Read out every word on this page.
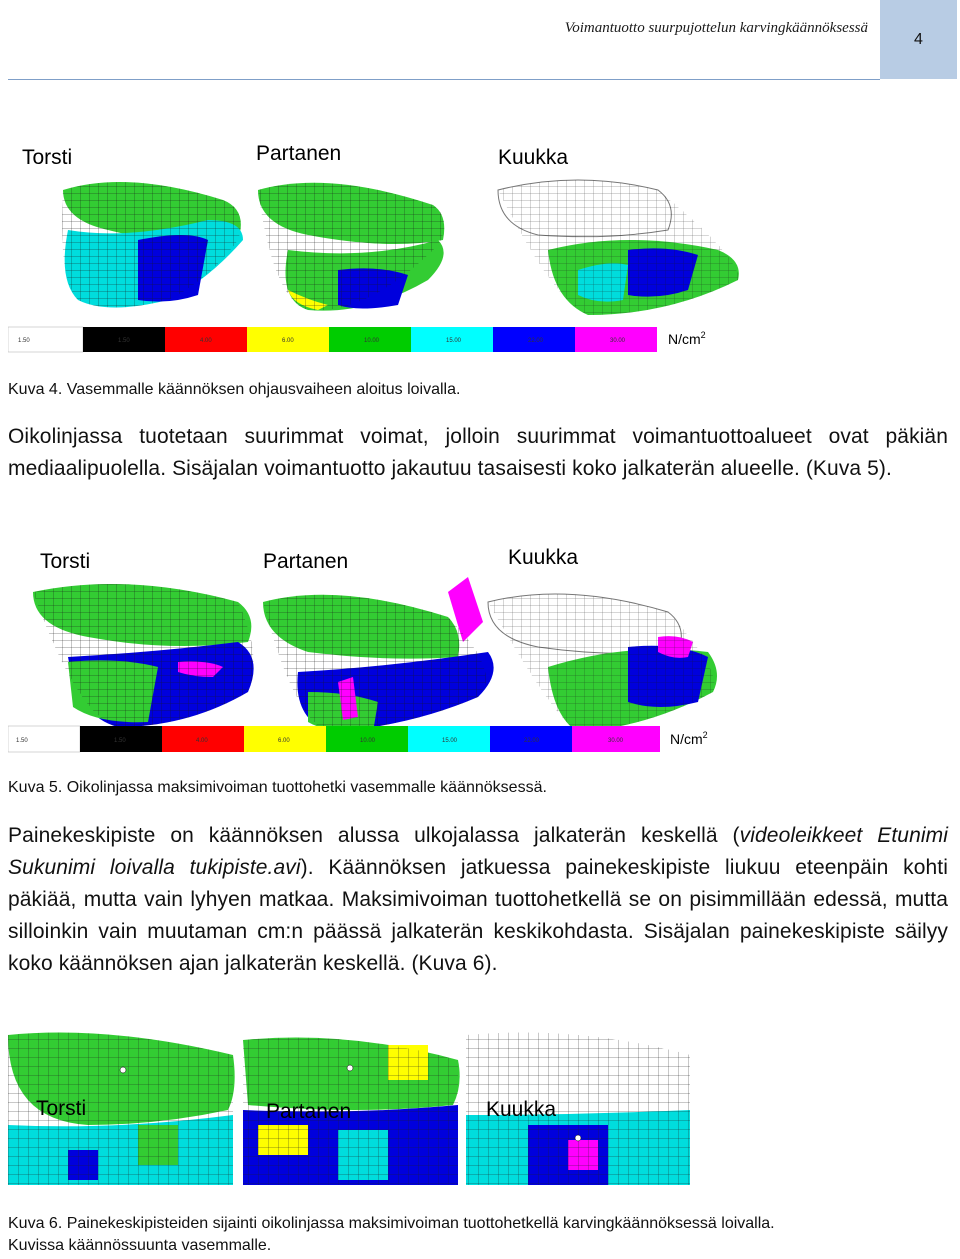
Voimantuotto suurpujottelun karvingkäännöksessä
4
Torsti	Partanen	Kuukka
1.50	1.50	4.00	6.00	10.00	15.00	22.00	30.00	$N/cm^2$
Kuva 4. Vasemmalle käännöksen ohjausvaiheen aloitus loivalla.
Oikolinjassa tuotetaan suurimmat voimat, jolloin suurimmat voimantuottoalueet ovat päkiän mediaalipuolella. Sisäjalan voimantuotto jakautuu tasaisesti koko jalkaterän alueelle. (Kuva 5).
Torsti	Partanen	Kuukka
1.50	1.50	4.00	6.00	10.00	15.00	22.00	30.00	$N/cm^2$
Kuva 5. Oikolinjassa maksimivoiman tuottohetki vasemmalle käännöksessä.
Painekeskipiste on käännöksen alussa ulkojalassa jalkaterän keskellä (videoleikkeet Etunimi Sukunimi loivalla tukipiste.avi). Käännöksen jatkuessa painekeskipiste liukuu eteenpäin kohti päkiää, mutta vain lyhyen matkaa. Maksimivoiman tuottohetkellä se on pisimmillään edessä, mutta silloinkin vain muutaman cm:n päässä jalkaterän keskikohdasta. Sisäjalan painekeskipiste säilyy koko käännöksen ajan jalkaterän keskellä. (Kuva 6).
Torsti	Partanen	Kuukka
Kuva 6. Painekeskipisteiden sijainti oikolinjassa maksimivoiman tuottohetkellä karvingkäännöksessä loivalla.
Kuvissa käännössuunta vasemmalle.
